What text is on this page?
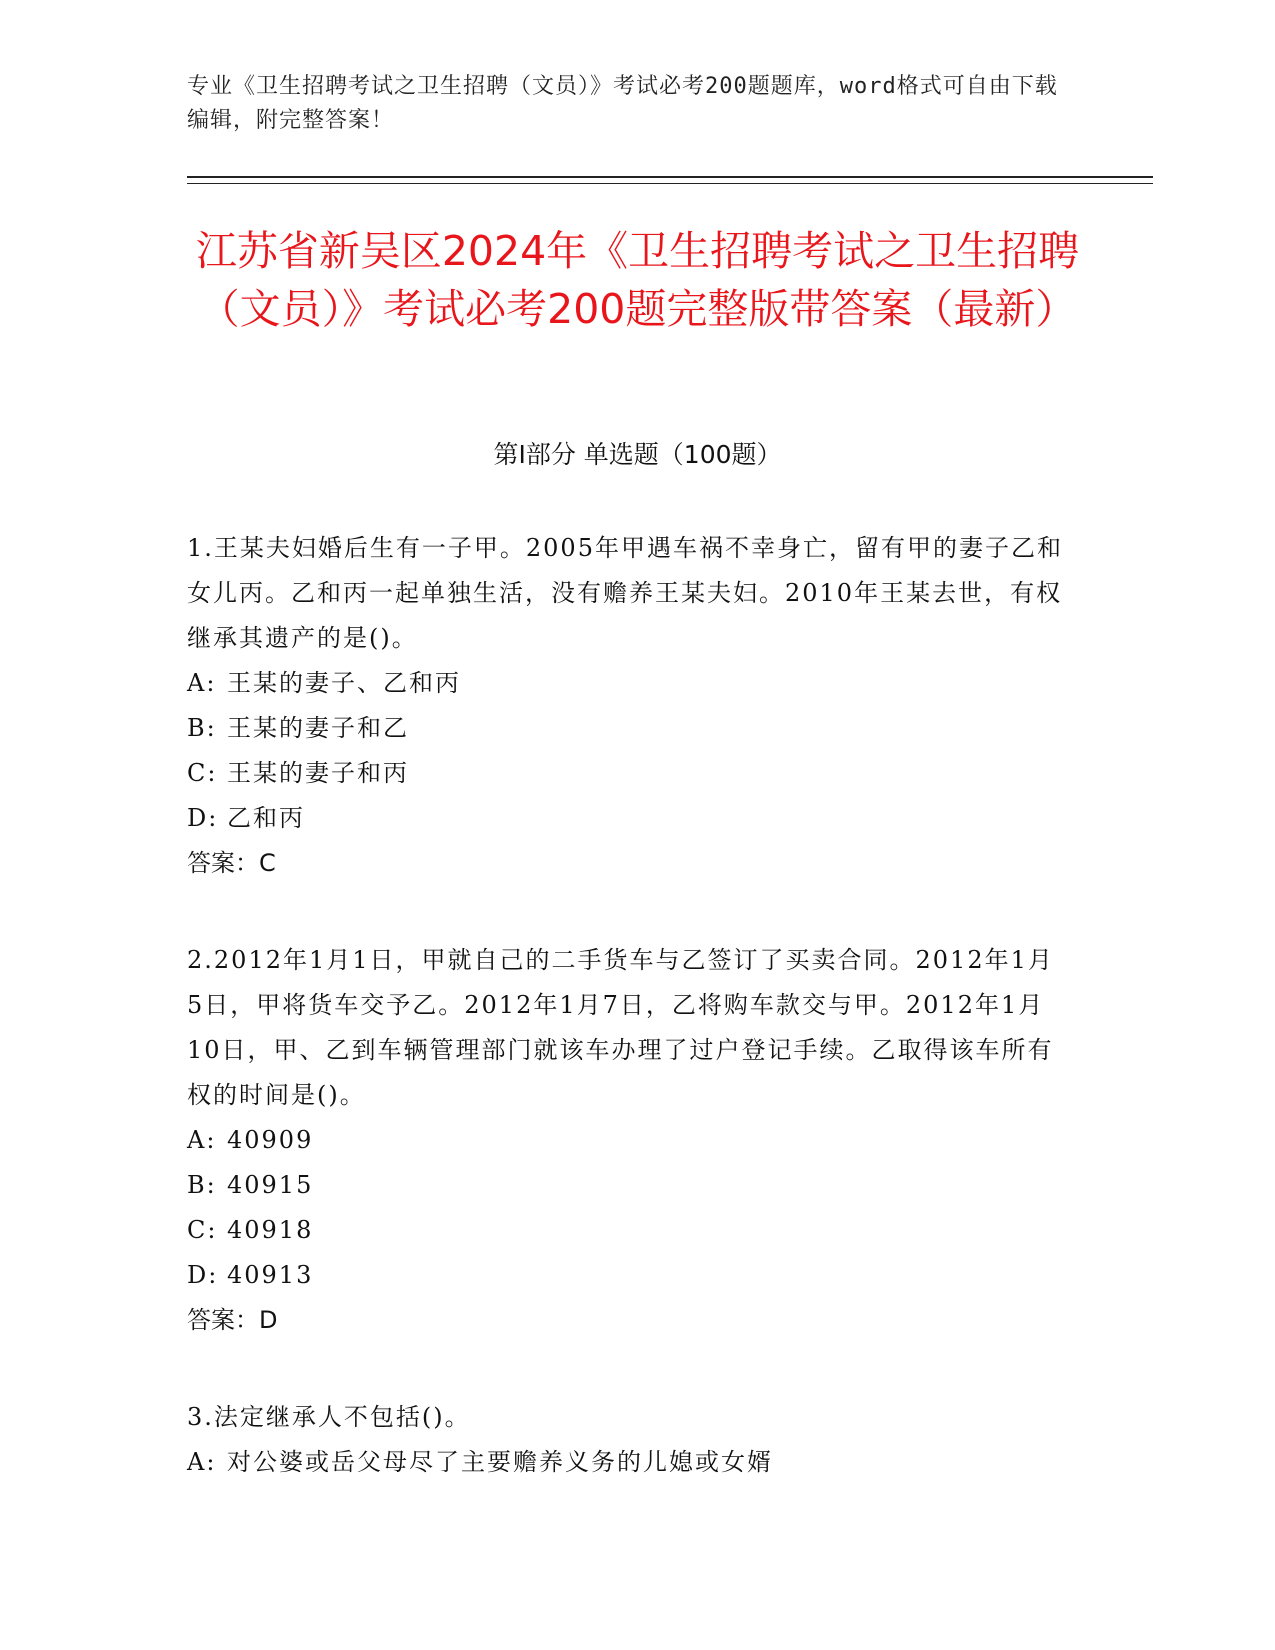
专业《卫生招聘考试之卫生招聘（文员）》考试必考200题题库，word格式可自由下载编辑，附完整答案！
江苏省新吴区2024年《卫生招聘考试之卫生招聘（文员）》考试必考200题完整版带答案（最新）
第Ⅰ部分 单选题（100题）

1.王某夫妇婚后生有一子甲。2005年甲遇车祸不幸身亡，留有甲的妻子乙和女儿丙。乙和丙一起单独生活，没有赡养王某夫妇。2010年王某去世，有权继承其遗产的是()。

A: 王某的妻子、乙和丙

B: 王某的妻子和乙

C: 王某的妻子和丙

D: 乙和丙

答案：C

2.2012年1月1日，甲就自己的二手货车与乙签订了买卖合同。2012年1月5日，甲将货车交予乙。2012年1月7日，乙将购车款交与甲。2012年1月10日，甲、乙到车辆管理部门就该车办理了过户登记手续。乙取得该车所有权的时间是()。

A: 40909

B: 40915

C: 40918

D: 40913

答案：D

3.法定继承人不包括()。

A: 对公婆或岳父母尽了主要赡养义务的儿媳或女婿
